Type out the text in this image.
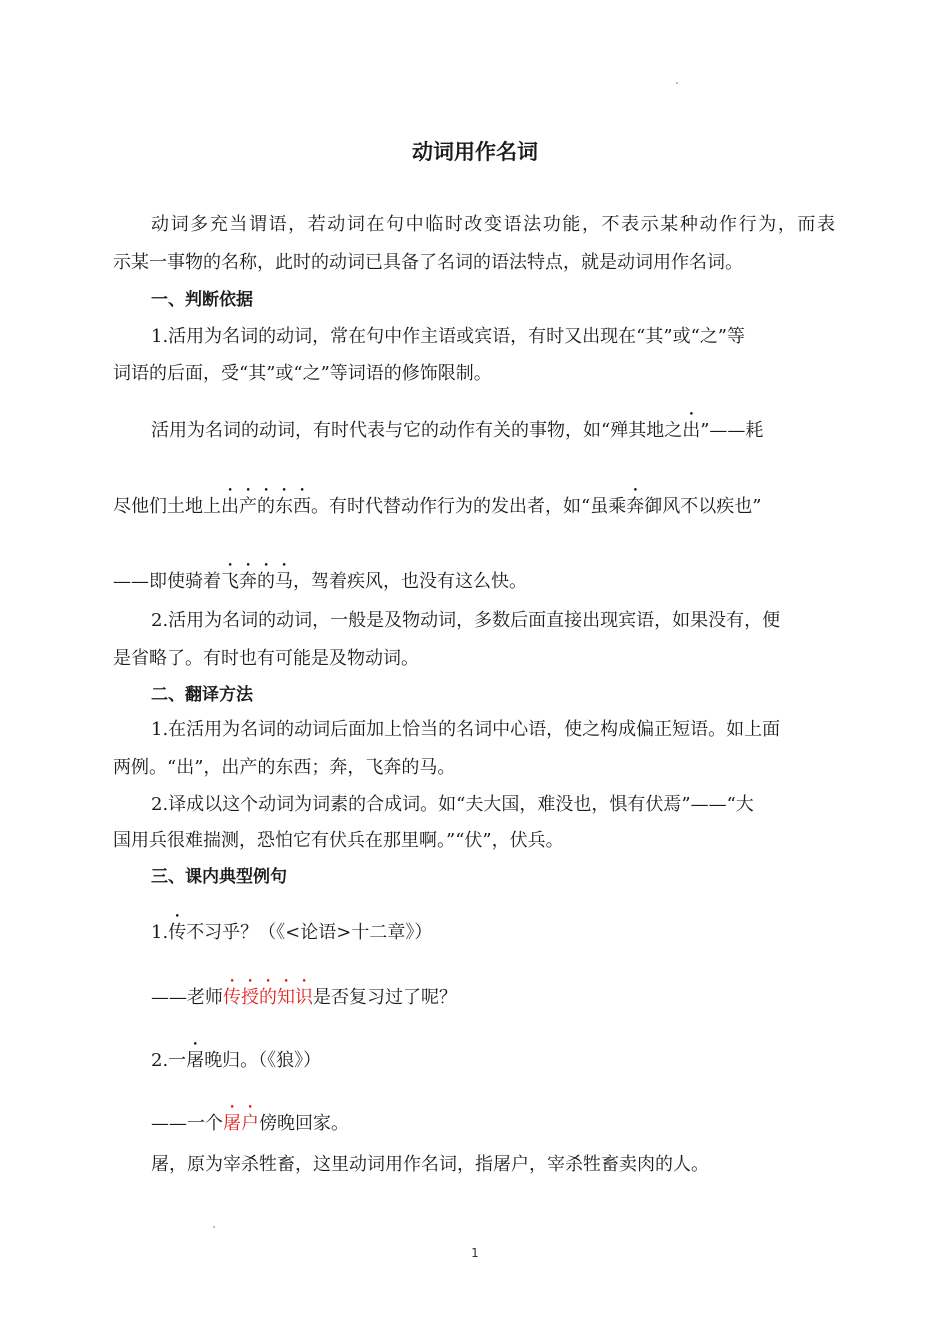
动词用作名词
动词多充当谓语，若动词在句中临时改变语法功能，不表示某种动作行为，而表
示某一事物的名称，此时的动词已具备了名词的语法特点，就是动词用作名词。
一、判断依据
1.活用为名词的动词，常在句中作主语或宾语，有时又出现在“其”或“之”等
词语的后面，受“其”或“之”等词语的修饰限制。
活用为名词的动词，有时代表与它的动作有关的事物，如“殚其地之出”——耗
尽他们土地上出产的东西。有时代替动作行为的发出者，如“虽乘奔御风不以疾也”
——即使骑着飞奔的马，驾着疾风，也没有这么快。
2.活用为名词的动词，一般是及物动词，多数后面直接出现宾语，如果没有，便
是省略了。有时也有可能是及物动词。
二、翻译方法
1.在活用为名词的动词后面加上恰当的名词中心语，使之构成偏正短语。如上面
两例。“出”，出产的东西；奔，飞奔的马。
2.译成以这个动词为词素的合成词。如“夫大国，难没也，惧有伏焉”——“大
国用兵很难揣测，恐怕它有伏兵在那里啊。”“伏”，伏兵。
三、课内典型例句
1.传不习乎？（《<论语>十二章》）
——老师传授的知识是否复习过了呢？
2.一屠晚归。（《狼》）
——一个屠户傍晚回家。
屠，原为宰杀牲畜，这里动词用作名词，指屠户，宰杀牲畜卖肉的人。
1
